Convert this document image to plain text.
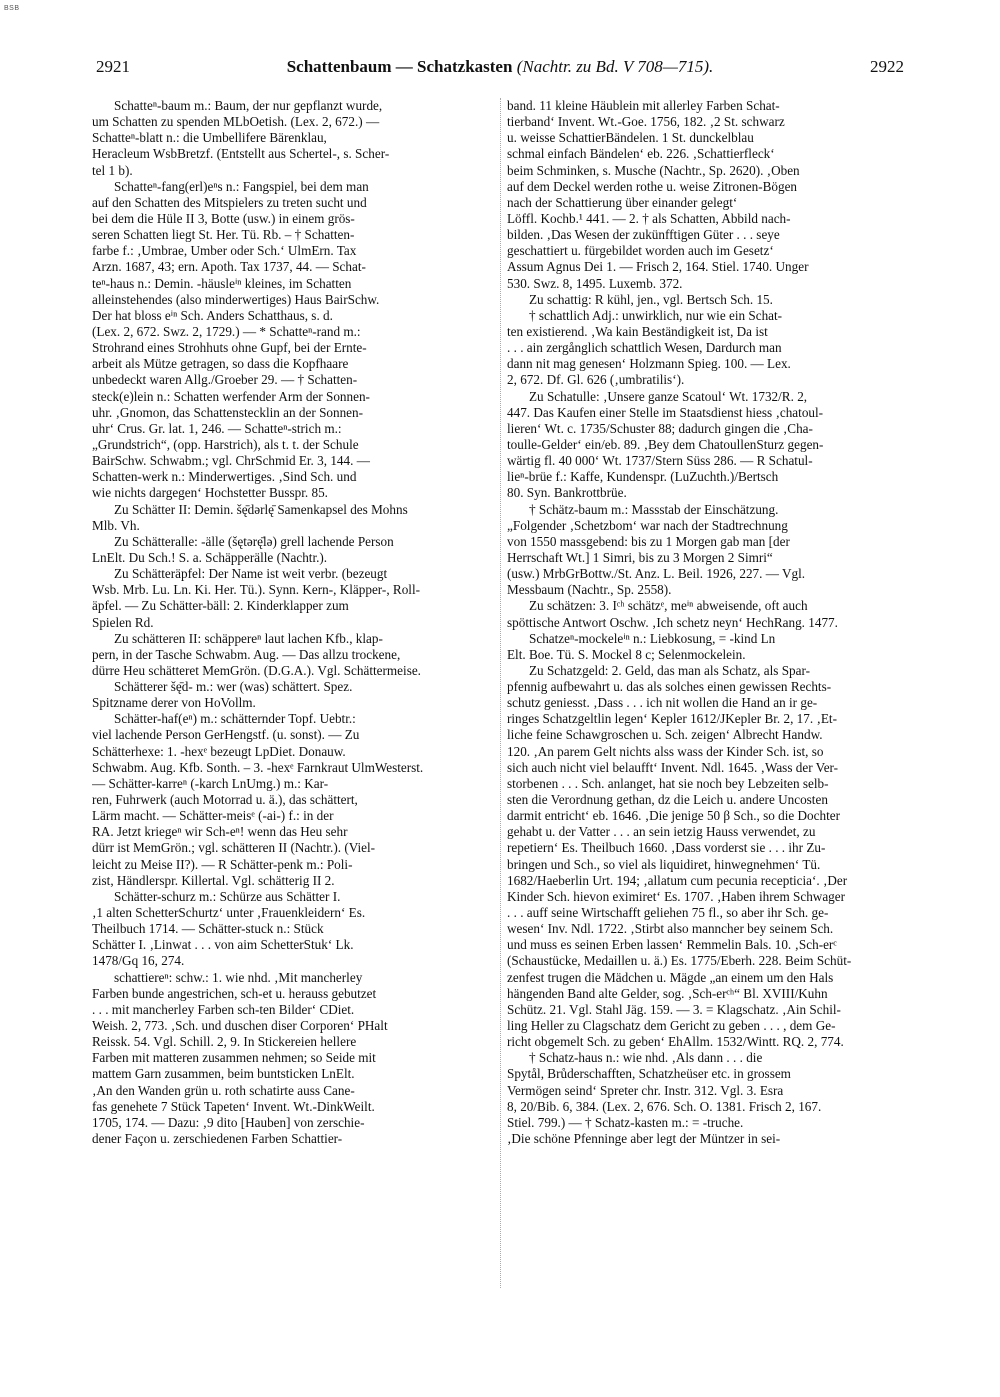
BSB
2921	Schattenbaum — Schatzkasten (Nachtr. zu Bd. V 708—715).	2922
Schatteⁿ-baum m.: Baum, der nur gepflanzt wurde,
um Schatten zu spenden MLbOetish. (Lex. 2, 672.) —
Schatteⁿ-blatt n.: die Umbellifere Bärenklau,
Heracleum WsbBretzf. (Entstellt aus Schertel-, s. Scher-
tel 1 b).
Schatteⁿ-fang(erl)eⁿs n.: Fangspiel, bei dem man
auf den Schatten des Mitspielers zu treten sucht und
bei dem die Hüle II 3, Botte (usw.) in einem grös-
seren Schatten liegt St. Her. Tü. Rb. – † Schatten-
farbe f.: ‚Umbrae, Umber oder Sch.‘ UlmErn. Tax
Arzn. 1687, 43; ern. Apoth. Tax 1737, 44. — Schat-
teⁿ-haus n.: Demin. -häusleⁱⁿ kleines, im Schatten
alleinstehendes (also minderwertiges) Haus BairSchw.
Der hat bloss eⁱⁿ Sch. Anders Schatthaus, s. d.
(Lex. 2, 672. Swz. 2, 1729.) — * Schatteⁿ-rand m.:
Strohrand eines Strohhuts ohne Gupf, bei der Ernte-
arbeit als Mütze getragen, so dass die Kopfhaare
unbedeckt waren Allg./Groeber 29. — † Schatten-
steck(e)lein n.: Schatten werfender Arm der Sonnen-
uhr. ‚Gnomon, das Schattenstecklin an der Sonnen-
uhr‘ Crus. Gr. lat. 1, 246. — Schatteⁿ-strich m.:
„Grundstrich“, (opp. Harstrich), als t. t. der Schule
BairSchw. Schwabm.; vgl. ChrSchmid Er. 3, 144. —
Schatten-werk n.: Minderwertiges. ‚Sind Sch. und
wie nichts dargegen‘ Hochstetter Busspr. 85.
Zu Schätter II: Demin. šę̄dərlę̄ Samenkapsel des Mohns
Mlb. Vh.
Zu Schätteralle: -älle (šętərę̄lə) grell lachende Person
LnElt. Du Sch.! S. a. Schäpperälle (Nachtr.).
Zu Schätteräpfel: Der Name ist weit verbr. (bezeugt
Wsb. Mrb. Lu. Ln. Ki. Her. Tü.). Synn. Kern-, Kläpper-, Roll-
äpfel. — Zu Schätter-bäll: 2. Kinderklapper zum
Spielen Rd.
Zu schätteren II: schäppereⁿ laut lachen Kfb., klap-
pern, in der Tasche Schwabm. Aug. — Das allzu trockene,
dürre Heu schätteret MemGrön. (D.G.A.). Vgl. Schättermeise.
Schätterer šę̄d- m.: wer (was) schättert. Spez.
Spitzname derer von HoVollm.
Schätter-haf(eⁿ) m.: schätternder Topf. Uebtr.:
viel lachende Person GerHengstf. (u. sonst). — Zu
Schätterhexe: 1. -hexᵉ bezeugt LpDiet. Donauw.
Schwabm. Aug. Kfb. Sonth. – 3. -hexᵉ Farnkraut UlmWesterst.
— Schätter-karreⁿ (-karch LnUmg.) m.: Kar-
ren, Fuhrwerk (auch Motorrad u. ä.), das schättert,
Lärm macht. — Schätter-meisᵉ (-ai-) f.: in der
RA. Jetzt kriegeⁿ wir Sch-eⁿ! wenn das Heu sehr
dürr ist MemGrön.; vgl. schätteren II (Nachtr.). (Viel-
leicht zu Meise II?). — R Schätter-penk m.: Poli-
zist, Händlerspr. Killertal. Vgl. schätterig II 2.
Schätter-schurz m.: Schürze aus Schätter I.
‚1 alten SchetterSchurtz‘ unter ‚Frauenkleidern‘ Es.
Theilbuch 1714. — Schätter-stuck n.: Stück
Schätter I. ‚Linwat . . . von aim SchetterStuk‘ Lk.
1478/Gq 16, 274.
schattiereⁿ: schw.: 1. wie nhd. ‚Mit mancherley
Farben bunde angestrichen, sch-et u. herauss gebutzet
. . . mit mancherley Farben sch-ten Bilder‘ CDiet.
Weish. 2, 773. ‚Sch. und duschen diser Corporen‘ PHalt
Reissk. 54. Vgl. Schill. 2, 9. In Stickereien hellere
Farben mit matteren zusammen nehmen; so Seide mit
mattem Garn zusammen, beim buntsticken LnElt.
‚An den Wanden grün u. roth schatirte auss Cane-
fas genehete 7 Stück Tapeten‘ Invent. Wt.-DinkWeilt.
1705, 174. — Dazu: ‚9 dito [Hauben] von zerschie-
dener Façon u. zerschiedenen Farben Schattier-
band. 11 kleine Häublein mit allerley Farben Schat-
tierband‘ Invent. Wt.-Goe. 1756, 182. ‚2 St. schwarz
u. weisse SchattierBändelen. 1 St. dunckelblau
schmal einfach Bändelen‘ eb. 226. ‚Schattierfleck‘
beim Schminken, s. Musche (Nachtr., Sp. 2620). ‚Oben
auf dem Deckel werden rothe u. weise Zitronen-Bögen
nach der Schattierung über einander gelegt‘
Löffl. Kochb.¹ 441. — 2. † als Schatten, Abbild nach-
bilden. ‚Das Wesen der zukünfftigen Güter . . . seye
geschattiert u. fürgebildet worden auch im Gesetz‘
Assum Agnus Dei 1. — Frisch 2, 164. Stiel. 1740. Unger
530. Swz. 8, 1495. Luxemb. 372.
Zu schattig: R kühl, jen., vgl. Bertsch Sch. 15.
† schattlich Adj.: unwirklich, nur wie ein Schat-
ten existierend. ‚Wa kain Beständigkeit ist, Da ist
. . . ain zergånglich schattlich Wesen, Dardurch man
dann nit mag genesen‘ Holzmann Spieg. 100. — Lex.
2, 672. Df. Gl. 626 (‚umbratilis‘).
Zu Schatulle: ‚Unsere ganze Scatoul‘ Wt. 1732/R. 2,
447. Das Kaufen einer Stelle im Staatsdienst hiess ‚chatoul-
lieren‘ Wt. c. 1735/Schuster 88; dadurch gingen die ‚Cha-
toulle-Gelder‘ ein/eb. 89. ‚Bey dem ChatoullenSturz gegen-
wärtig fl. 40 000‘ Wt. 1737/Stern Süss 286. — R Schatul-
lieⁿ-brüe f.: Kaffe, Kundenspr. (LuZuchth.)/Bertsch
80. Syn. Bankrottbrüe.
† Schätz-baum m.: Massstab der Einschätzung.
„Folgender ‚Schetzbom‘ war nach der Stadtrechnung
von 1550 massgebend: bis zu 1 Morgen gab man [der
Herrschaft Wt.] 1 Simri, bis zu 3 Morgen 2 Simri“
(usw.) MrbGrBottw./St. Anz. L. Beil. 1926, 227. — Vgl.
Messbaum (Nachtr., Sp. 2558).
Zu schätzen: 3. Iᶜʰ schätzᵉ, meⁱⁿ abweisende, oft auch
spöttische Antwort Oschw. ‚Ich schetz neyn‘ HechRang. 1477.
Schatzeⁿ-mockeleⁱⁿ n.: Liebkosung, = -kind Ln
Elt. Boe. Tü. S. Mockel 8 c; Selenmockelein.
Zu Schatzgeld: 2. Geld, das man als Schatz, als Spar-
pfennig aufbewahrt u. das als solches einen gewissen Rechts-
schutz geniesst. ‚Dass . . . ich nit wollen die Hand an ir ge-
ringes Schatzgeltlin legen‘ Kepler 1612/JKepler Br. 2, 17. ‚Et-
liche feine Schawgroschen u. Sch. zeigen‘ Albrecht Handw.
120. ‚An parem Gelt nichts alss wass der Kinder Sch. ist, so
sich auch nicht viel belaufft‘ Invent. Ndl. 1645. ‚Wass der Ver-
storbenen . . . Sch. anlanget, hat sie noch bey Lebzeiten selb-
sten die Verordnung gethan, dz die Leich u. andere Uncosten
darmit entricht‘ eb. 1646. ‚Die jenige 50 β Sch., so die Dochter
gehabt u. der Vatter . . . an sein ietzig Hauss verwendet, zu
repetiern‘ Es. Theilbuch 1660. ‚Dass vorderst sie . . . ihr Zu-
bringen und Sch., so viel als liquidiret, hinwegnehmen‘ Tü.
1682/Haeberlin Urt. 194; ‚allatum cum pecunia recepticia‘. ‚Der
Kinder Sch. hievon eximiret‘ Es. 1707. ‚Haben ihrem Schwager
. . . auff seine Wirtschafft geliehen 75 fl., so aber ihr Sch. ge-
wesen‘ Inv. Ndl. 1722. ‚Stirbt also manncher bey seinem Sch.
und muss es seinen Erben lassen‘ Remmelin Bals. 10. ‚Sch-erᶜ
(Schaustücke, Medaillen u. ä.) Es. 1775/Eberh. 228. Beim Schüt-
zenfest trugen die Mädchen u. Mägde „an einem um den Hals
hängenden Band alte Gelder, sog. ‚Sch-erᶜʰ“ Bl. XVIII/Kuhn
Schütz. 21. Vgl. Stahl Jäg. 159. — 3. = Klagschatz. ‚Ain Schil-
ling Heller zu Clagschatz dem Gericht zu geben . . . , dem Ge-
richt obgemelt Sch. zu geben‘ EhAllm. 1532/Wintt. RQ. 2, 774.
† Schatz-haus n.: wie nhd. ‚Als dann . . . die
Spytål, Brůderschafften, Schatzheüser etc. in grossem
Vermögen seind‘ Spreter chr. Instr. 312. Vgl. 3. Esra
8, 20/Bib. 6, 384. (Lex. 2, 676. Sch. O. 1381. Frisch 2, 167.
Stiel. 799.) — † Schatz-kasten m.: = -truche.
‚Die schöne Pfenninge aber legt der Müntzer in sei-
